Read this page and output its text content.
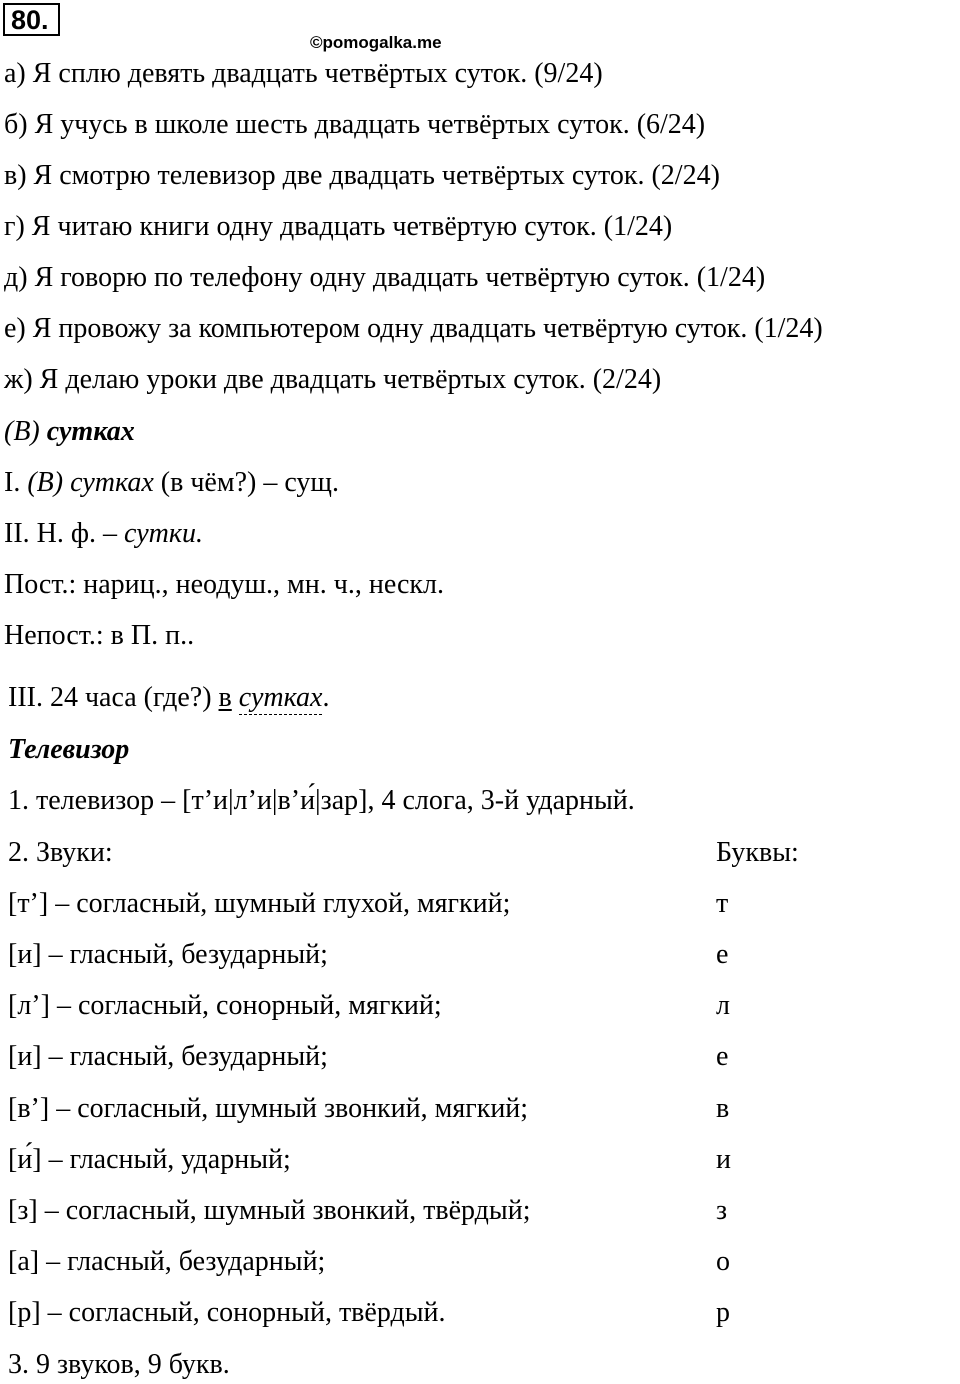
80.
©pomogalka.me
а) Я сплю девять двадцать четвёртых суток. (9/24)
б) Я учусь в школе шесть двадцать четвёртых суток. (6/24)
в) Я смотрю телевизор две двадцать четвёртых суток. (2/24)
г) Я читаю книги одну двадцать четвёртую суток. (1/24)
д) Я говорю по телефону одну двадцать четвёртую суток. (1/24)
е) Я провожу за компьютером одну двадцать четвёртую суток. (1/24)
ж) Я делаю уроки две двадцать четвёртых суток. (2/24)
(В) сутках
I. (В) сутках (в чём?) – сущ.
II. Н. ф. – сутки.
Пост.: нариц., неодуш., мн. ч., нескл.
Непост.: в П. п..
III. 24 часа (где?) в сутках.
Телевизор
1. телевизор – [т’и|л’и|в’и́|зар], 4 слога, 3-й ударный.
2. Звуки:	Буквы:
[т’] – согласный, шумный глухой, мягкий;	т
[и] – гласный, безударный;	е
[л’] – согласный, сонорный, мягкий;	л
[и] – гласный, безударный;	е
[в’] – согласный, шумный звонкий, мягкий;	в
[и́] – гласный, ударный;	и
[з] – согласный, шумный звонкий, твёрдый;	з
[а] – гласный, безударный;	о
[р] – согласный, сонорный, твёрдый.	р
3. 9 звуков, 9 букв.
